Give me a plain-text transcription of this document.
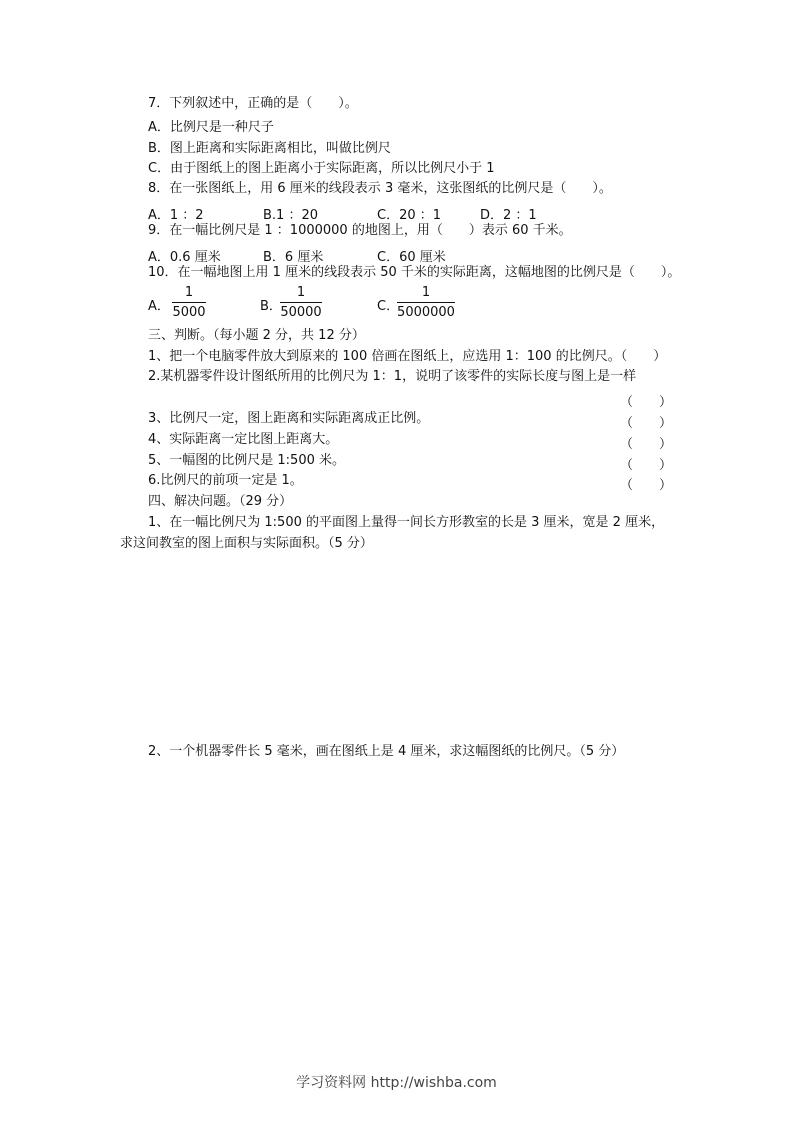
7．下列叙述中，正确的是（　　）。
A．比例尺是一种尺子
B．图上距离和实际距离相比，叫做比例尺
C．由于图纸上的图上距离小于实际距离，所以比例尺小于 1
8．在一张图纸上，用 6 厘米的线段表示 3 毫米，这张图纸的比例尺是（　　）。
A．1 ：2	B.1 ：20	C．20 ：1	D．2 ：1
9．在一幅比例尺是 1 ：1000000 的地图上，用（　　）表示 60 千米。
A．0.6 厘米	B．6 厘米	C．60 厘米
10．在一幅地图上用 1 厘米的线段表示 50 千米的实际距离，这幅地图的比例尺是（　　）。
A．
1
5000	B．
1
50000	C．
1
5000000
三、判断。（每小题 2 分，共 12 分）
1、把一个电脑零件放大到原来的 100 倍画在图纸上，应选用 1：100 的比例尺。（　　）
2.某机器零件设计图纸所用的比例尺为 1：1，说明了该零件的实际长度与图上是一样
（　　）
3、比例尺一定，图上距离和实际距离成正比例。	（　　）
4、实际距离一定比图上距离大。	（　　）
5、一幅图的比例尺是 1:500 米。	（　　）
6.比例尺的前项一定是 1。	（　　）
四、解决问题。（29 分）
1、在一幅比例尺为 1:500 的平面图上量得一间长方形教室的长是 3 厘米，宽是 2 厘米，
求这间教室的图上面积与实际面积。（5 分）
2、一个机器零件长 5 毫米，画在图纸上是 4 厘米，求这幅图纸的比例尺。（5 分）
学习资料网 http://wishba.com
